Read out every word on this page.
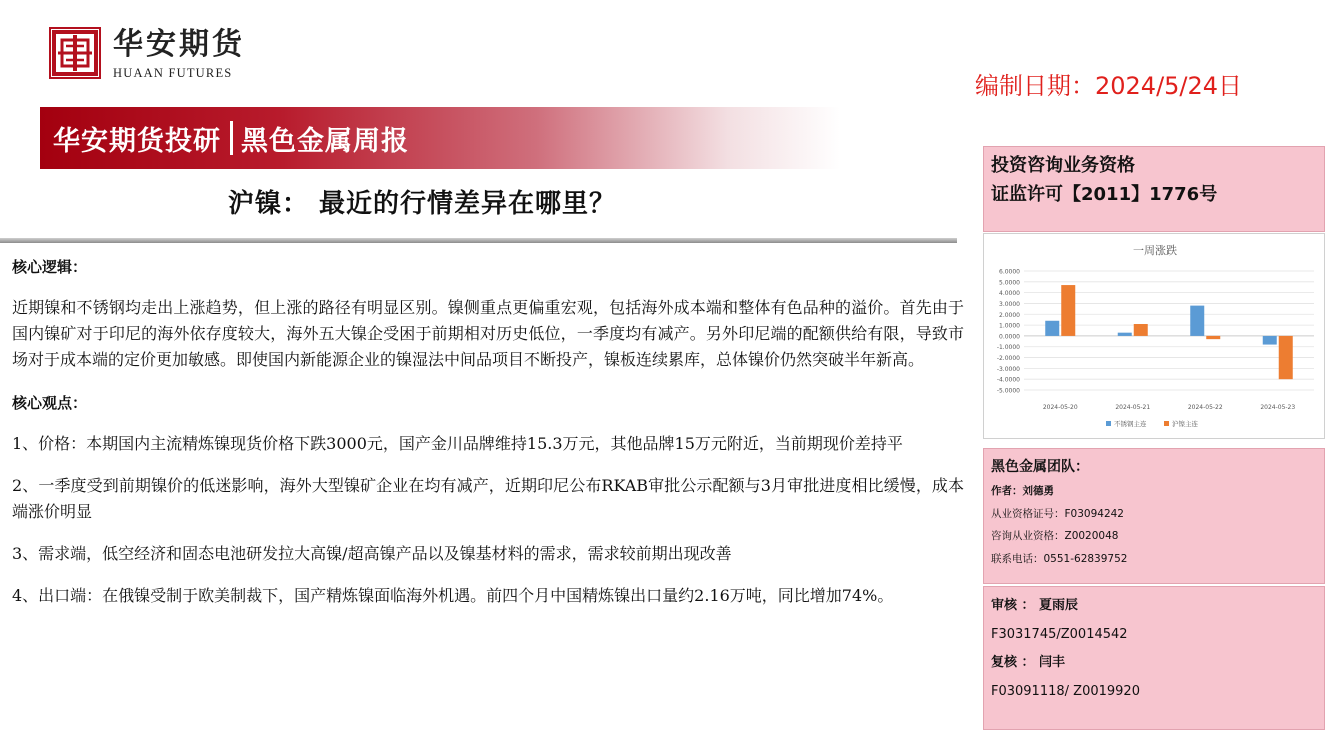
华安期货
HUAAN FUTURES	编制日期：2024/5/24日
华安期货投研 黑色金属周报
沪镍： 最近的行情差异在哪里？
核心逻辑：
近期镍和不锈钢均走出上涨趋势，但上涨的路径有明显区别。镍侧重点更偏重宏观，包括海外成本端和整体有色品种的溢价。首先由于国内镍矿对于印尼的海外依存度较大，海外五大镍企受困于前期相对历史低位，一季度均有减产。另外印尼端的配额供给有限，导致市场对于成本端的定价更加敏感。即使国内新能源企业的镍湿法中间品项目不断投产，镍板连续累库，总体镍价仍然突破半年新高。
核心观点：
1、价格：本期国内主流精炼镍现货价格下跌3000元，国产金川品牌维持15.3万元，其他品牌15万元附近，当前期现价差持平
2、一季度受到前期镍价的低迷影响，海外大型镍矿企业在均有减产，近期印尼公布RKAB审批公示配额与3月审批进度相比缓慢，成本端涨价明显
3、需求端，低空经济和固态电池研发拉大高镍/超高镍产品以及镍基材料的需求，需求较前期出现改善
4、出口端：在俄镍受制于欧美制裁下，国产精炼镍面临海外机遇。前四个月中国精炼镍出口量约2.16万吨，同比增加74%。
投资咨询业务资格
证监许可【2011】1776号
一周涨跌
6.0000
5.0000
4.0000
3.0000
2.0000
1.0000
0.0000
-1.0000
-2.0000
-3.0000
-4.0000
-5.0000
2024-05-20	2024-05-21	2024-05-22	2024-05-23
不锈钢主连	沪镍主连
黑色金属团队：
作者：刘德勇
从业资格证号：F03094242
咨询从业资格：Z0020048
联系电话：0551-62839752
审核 ： 夏雨辰
F3031745/Z0014542
复核 ： 闫丰
F03091118/ Z0019920
